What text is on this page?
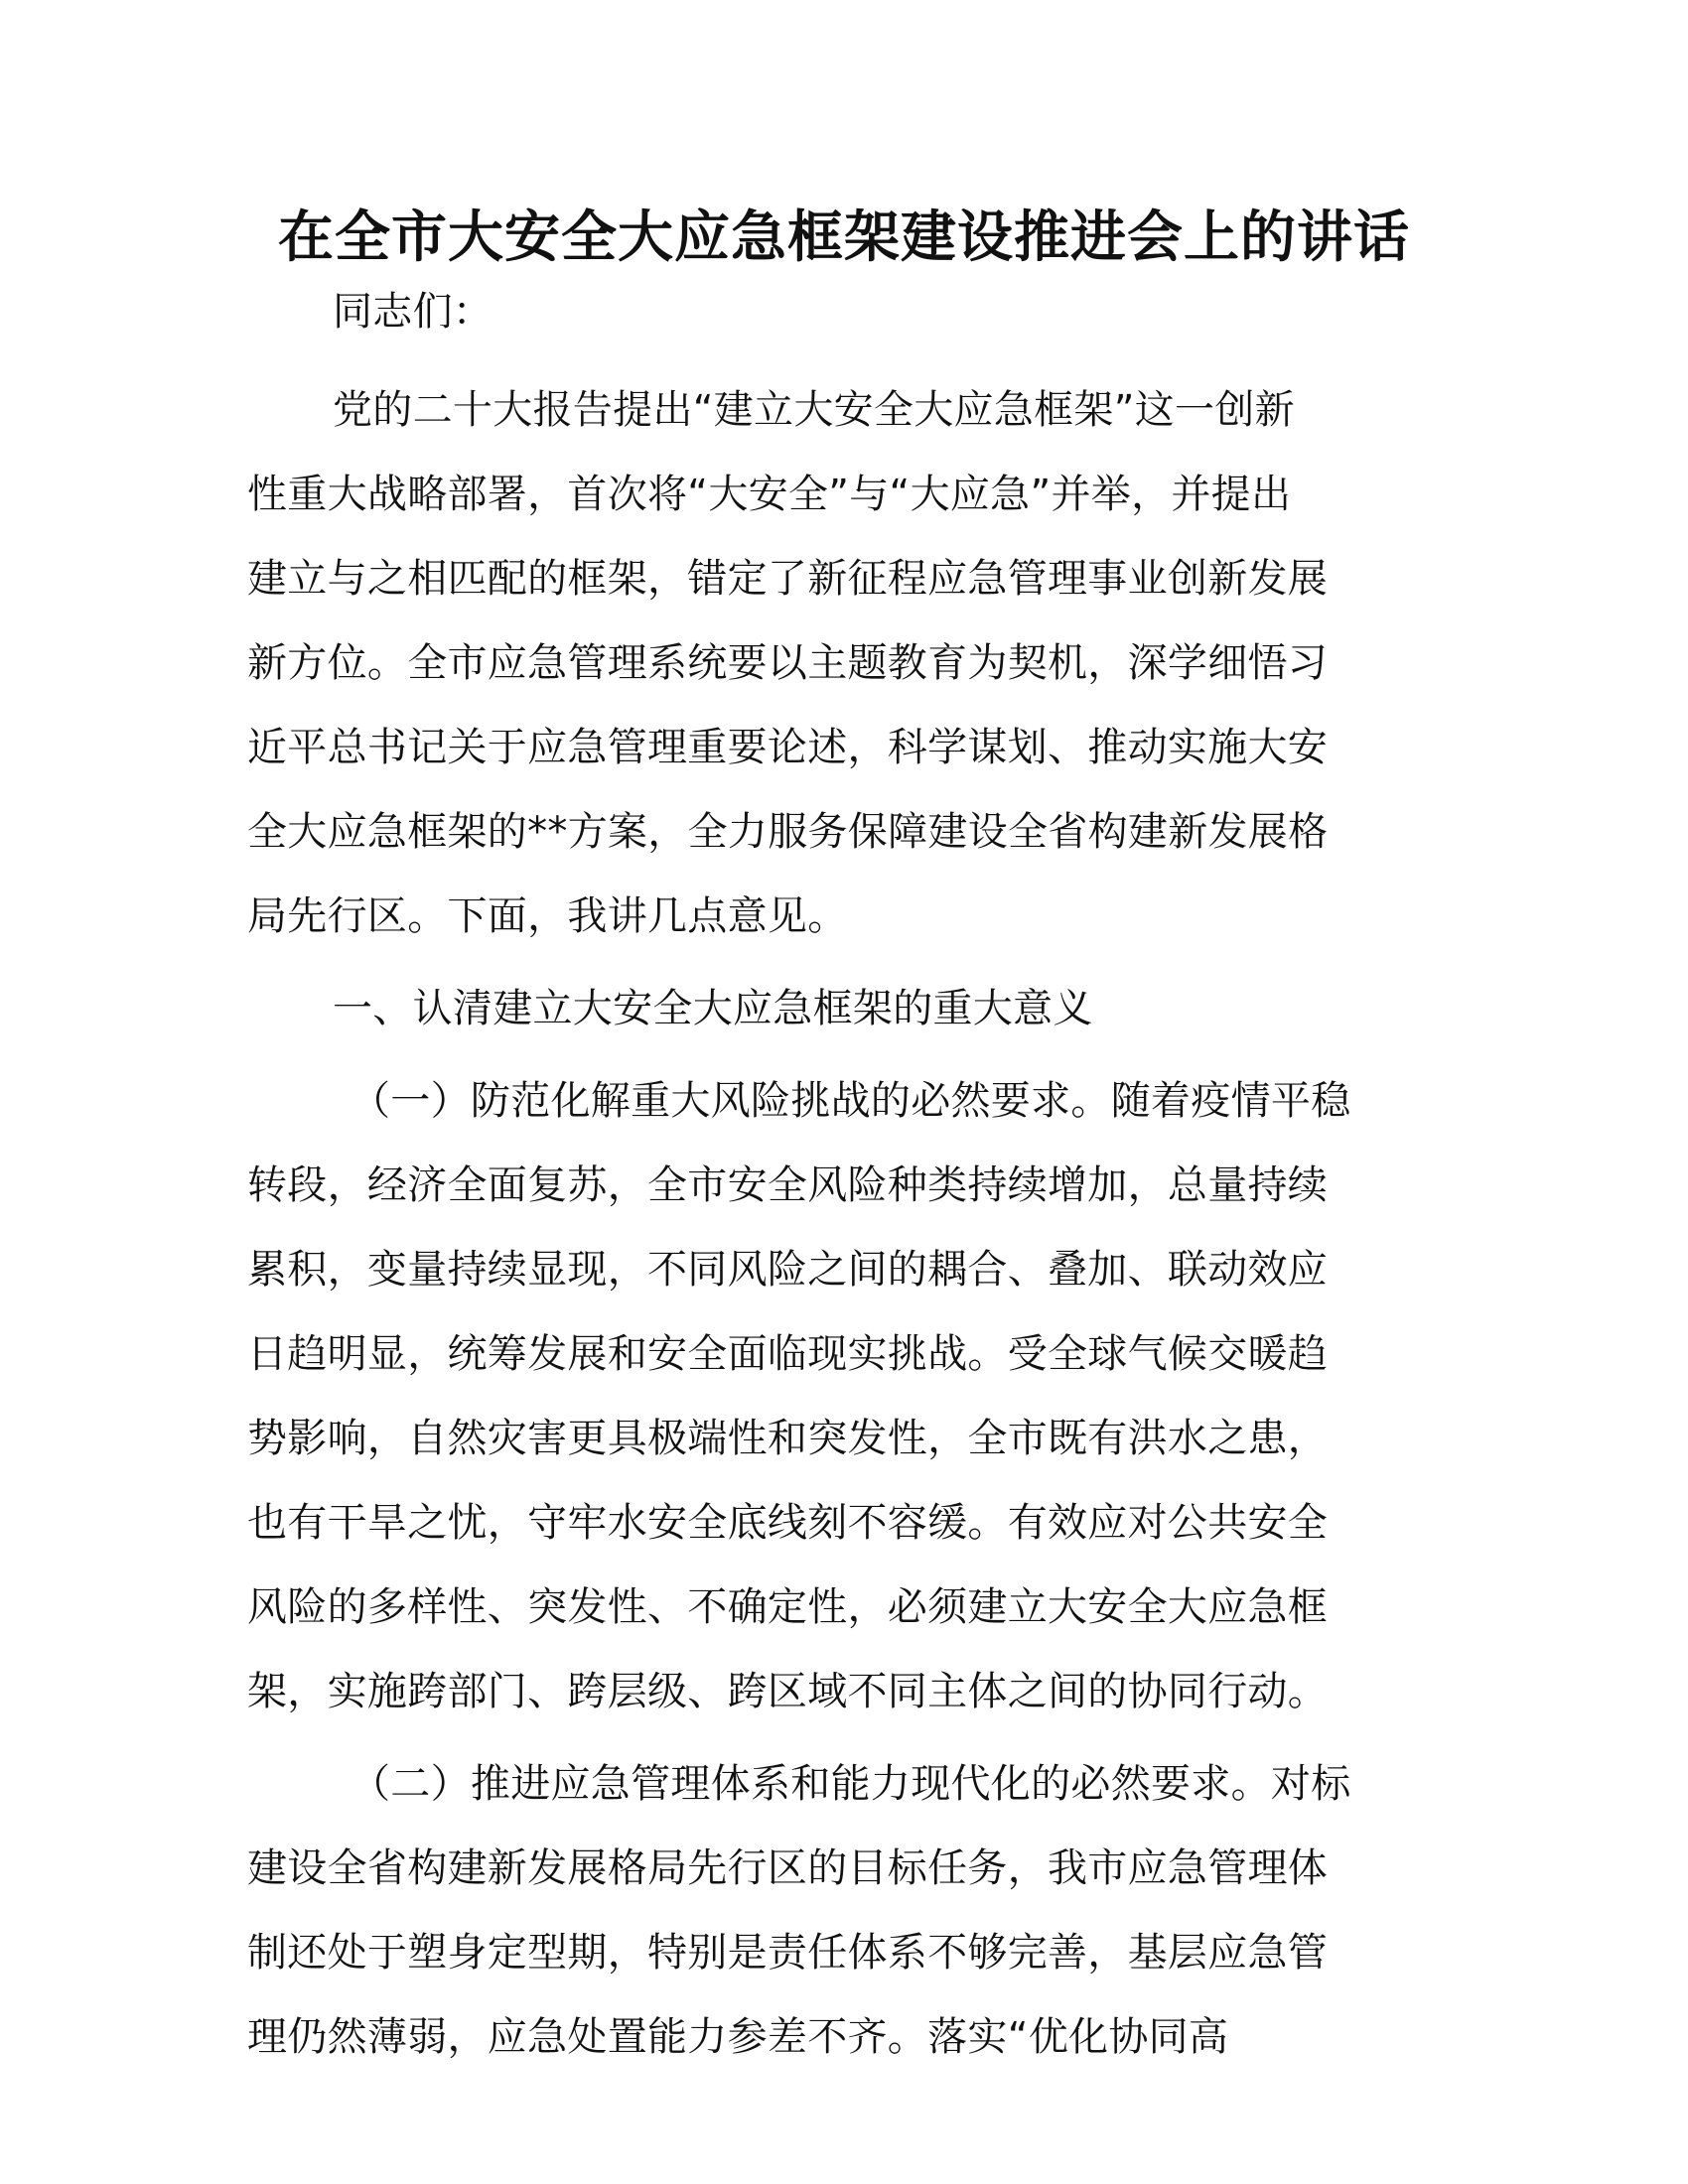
在全市大安全大应急框架建设推进会上的讲话
同志们：
党的二十大报告提出“建立大安全大应急框架”这一创新
性重大战略部署，首次将“大安全”与“大应急”并举，并提出
建立与之相匹配的框架，错定了新征程应急管理事业创新发展
新方位。全市应急管理系统要以主题教育为契机，深学细悟习
近平总书记关于应急管理重要论述，科学谋划、推动实施大安
全大应急框架的**方案，全力服务保障建设全省构建新发展格
局先行区。下面，我讲几点意见。
一、认清建立大安全大应急框架的重大意义
（一）防范化解重大风险挑战的必然要求。随着疫情平稳
转段，经济全面复苏，全市安全风险种类持续增加，总量持续
累积，变量持续显现，不同风险之间的耦合、叠加、联动效应
日趋明显，统筹发展和安全面临现实挑战。受全球气候交暖趋
势影响，自然灾害更具极端性和突发性，全市既有洪水之患，
也有干旱之忧，守牢水安全底线刻不容缓。有效应对公共安全
风险的多样性、突发性、不确定性，必须建立大安全大应急框
架，实施跨部门、跨层级、跨区域不同主体之间的协同行动。
（二）推进应急管理体系和能力现代化的必然要求。对标
建设全省构建新发展格局先行区的目标任务，我市应急管理体
制还处于塑身定型期，特别是责任体系不够完善，基层应急管
理仍然薄弱，应急处置能力参差不齐。落实“优化协同高
